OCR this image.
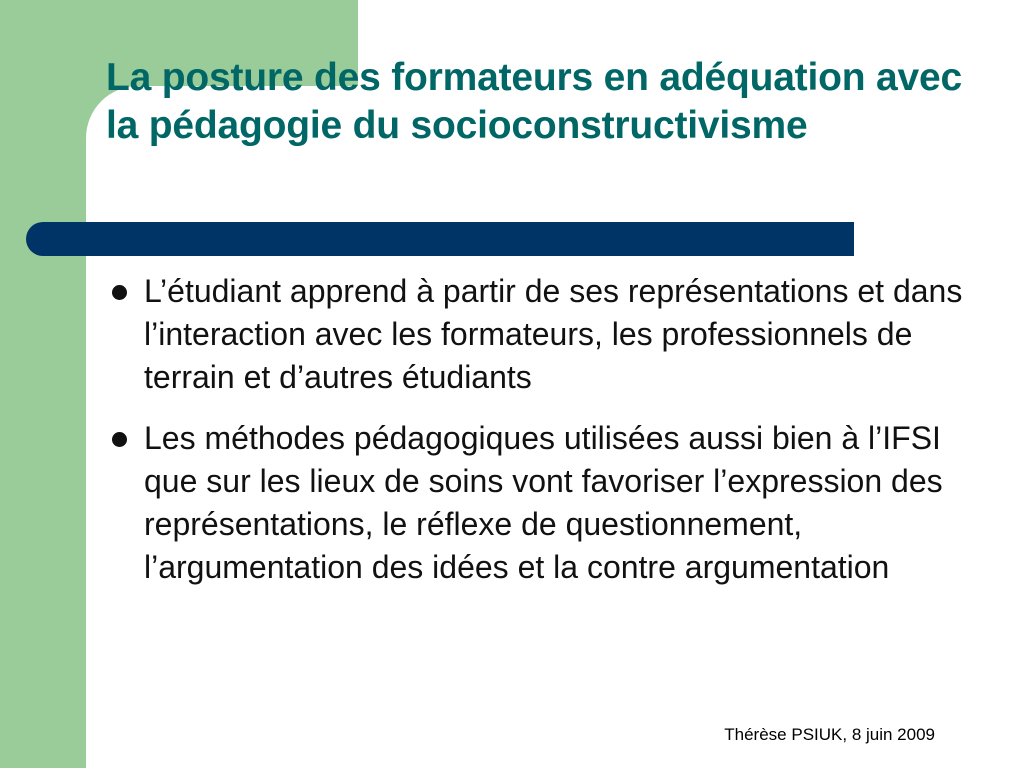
La posture des formateurs en adéquation avec la pédagogie du socioconstructivisme
L’étudiant apprend à partir de ses représentations et dans l’interaction avec les formateurs, les professionnels de terrain et d’autres étudiants
Les méthodes pédagogiques utilisées aussi bien à l’IFSI que sur les lieux de soins vont favoriser l’expression des représentations, le réflexe de questionnement, l’argumentation des idées et la contre argumentation
Thérèse PSIUK, 8 juin 2009
